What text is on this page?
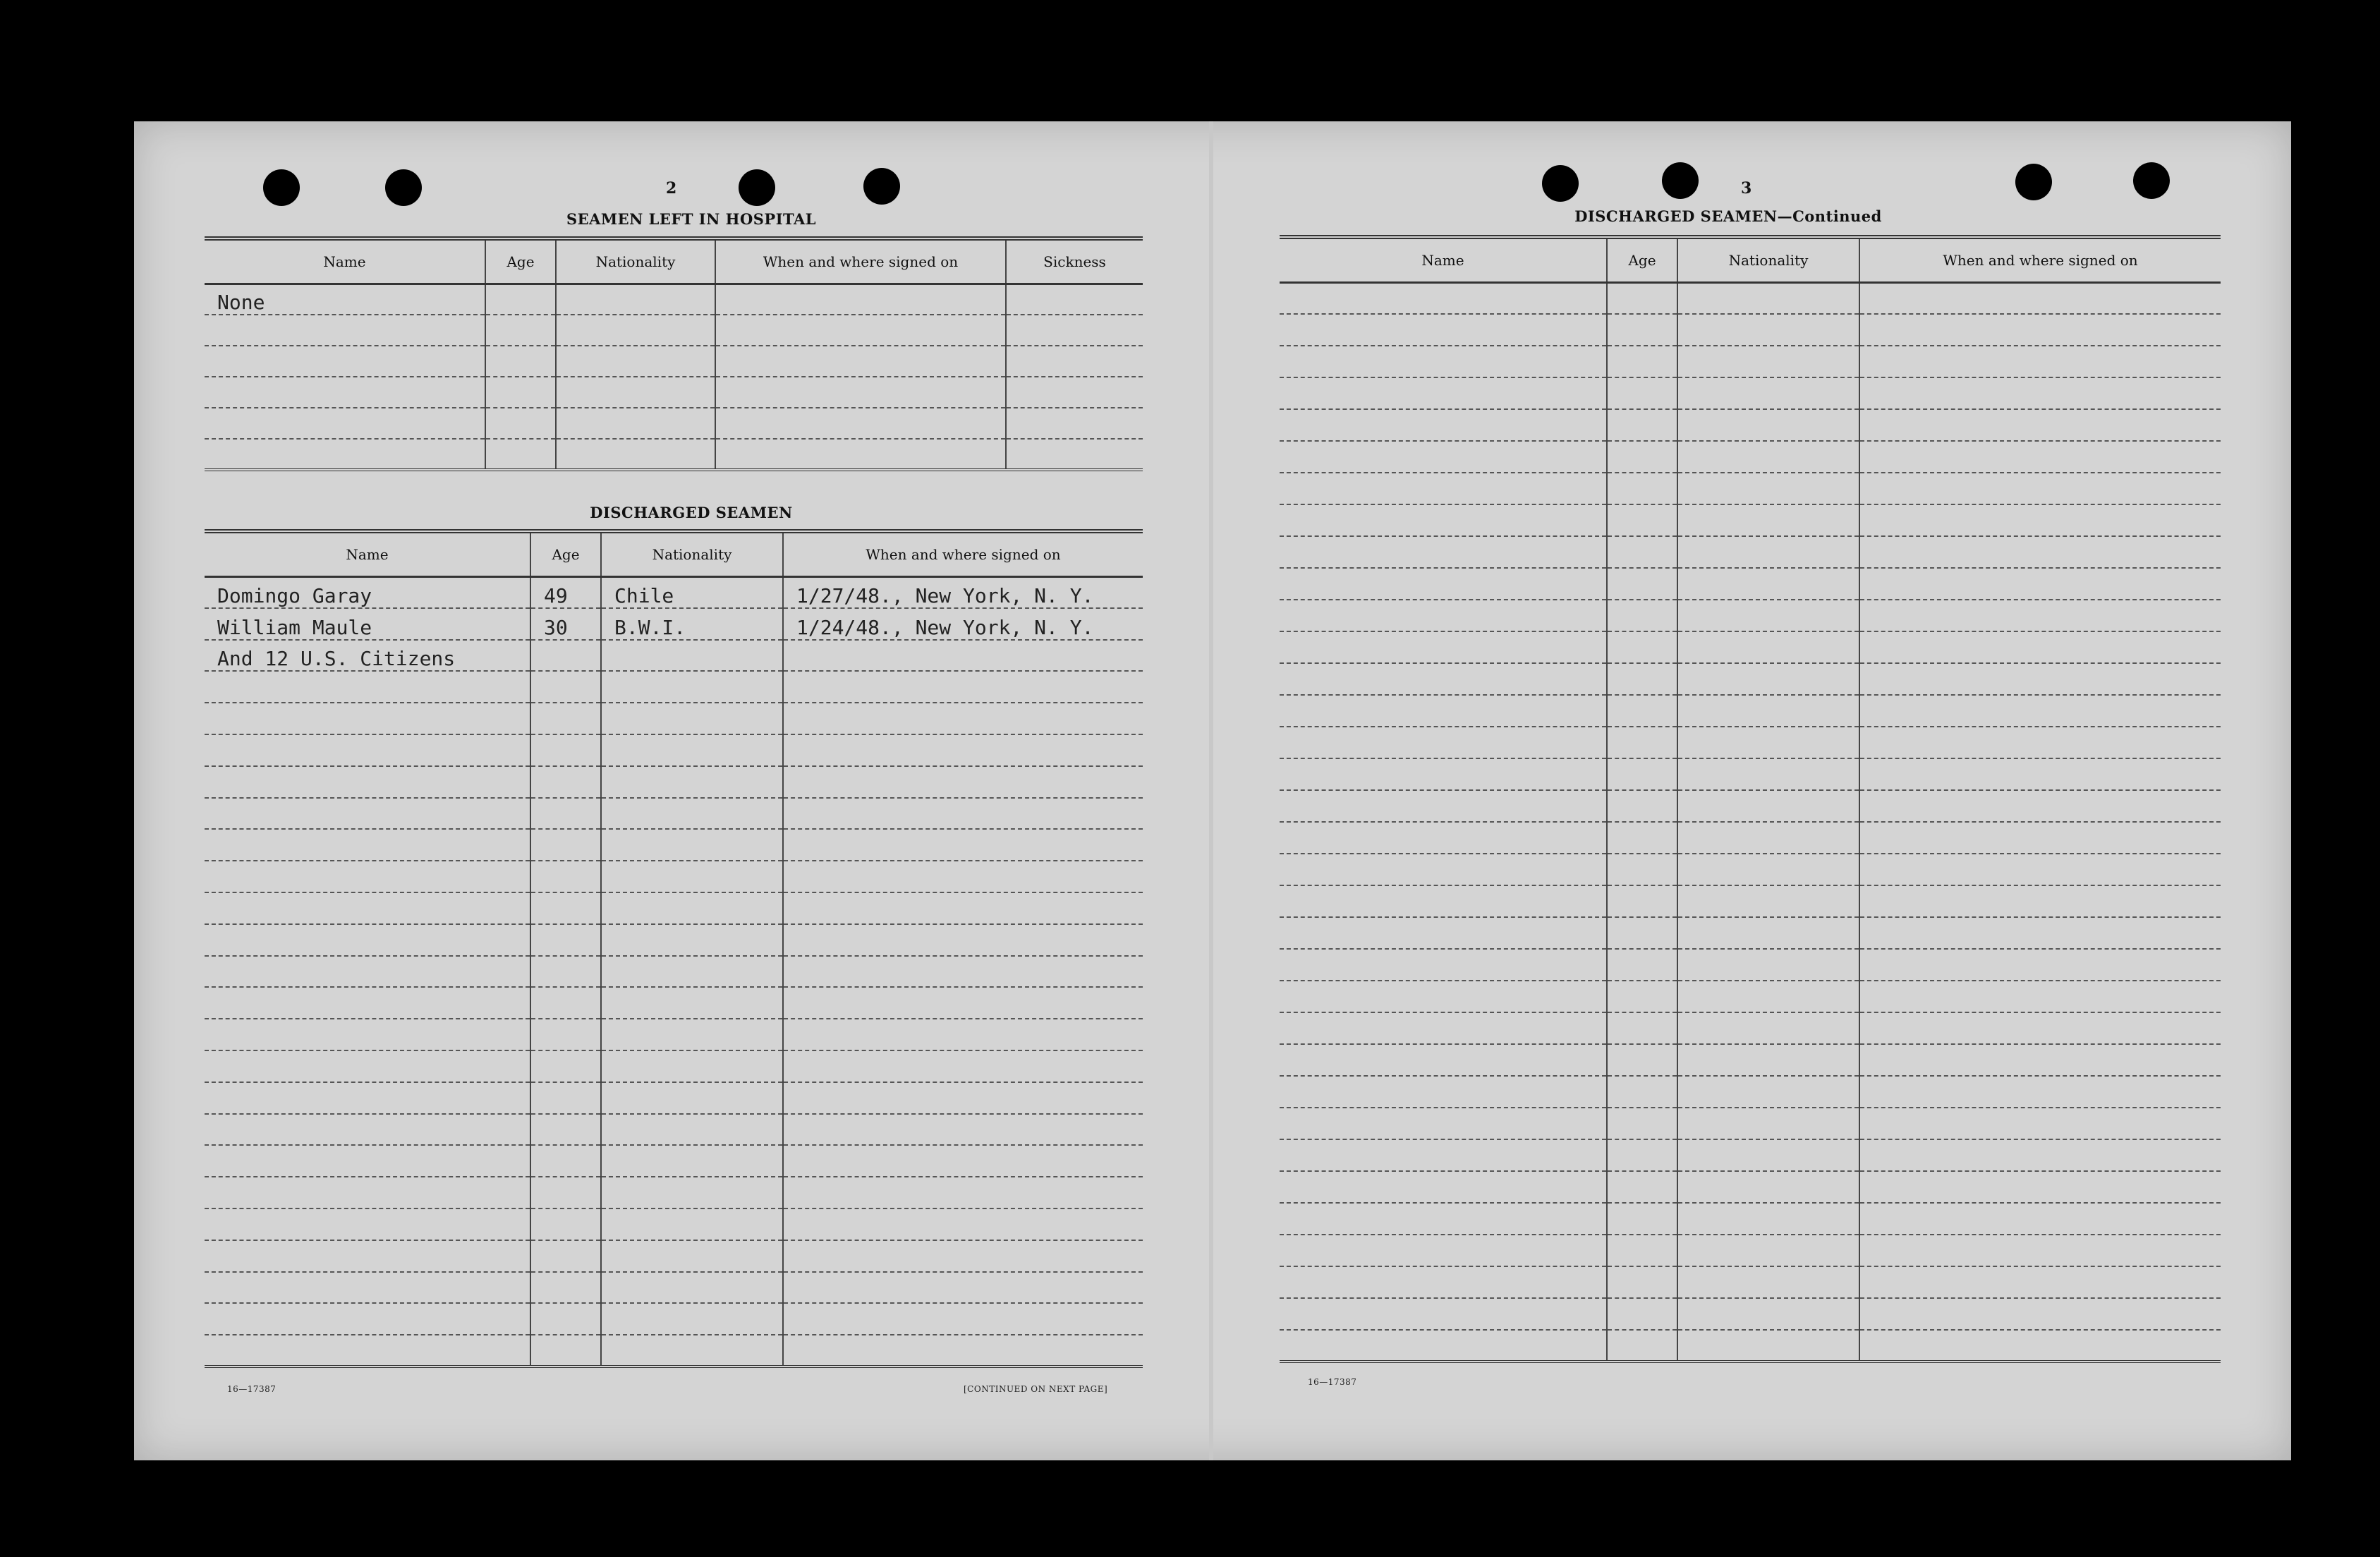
2
SEAMEN LEFT IN HOSPITAL
Name	Age	Nationality	When and where signed on	Sickness
None				

DISCHARGED SEAMEN
Name	Age	Nationality	When and where signed on
Domingo Garay	49	Chile	1/27/48., New York, N. Y.
William Maule	30	B.W.I.	1/24/48., New York, N. Y.
And 12 U.S. Citizens			

16—17387	[CONTINUED ON NEXT PAGE]
3
DISCHARGED SEAMEN—Continued
Name	Age	Nationality	When and where signed on

16—17387
